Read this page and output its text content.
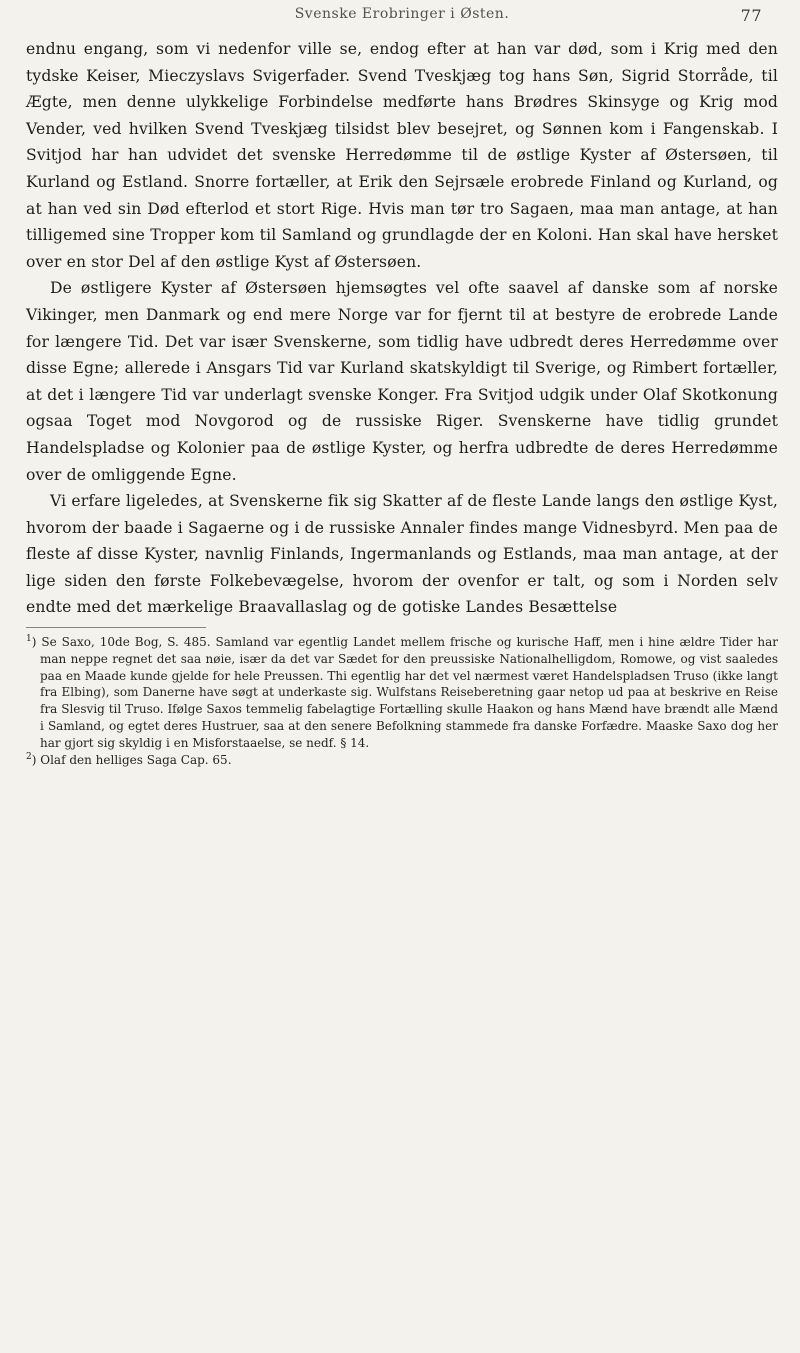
Svenske Erobringer i Østen.	77

endnu engang, som vi nedenfor ville se, endog efter at han var død, som i Krig med den tydske Keiser, Mieczyslavs Svigerfader. Svend Tveskjæg tog hans Søn, Sigrid Storråde, til Ægte, men denne ulykkelige Forbindelse medførte hans Brødres Skinsyge og Krig mod Vender, ved hvilken Svend Tveskjæg tilsidst blev besejret, og Sønnen kom i Fangenskab. I Svitjod har han udvidet det svenske Herredømme til de østlige Kyster af Østersøen, til Kurland og Estland. Snorre fortæller, at Erik den Sejrsæle erobrede Finland og Kurland, og at han ved sin Død efterlod et stort Rige. Hvis man tør tro Sagaen, maa man antage, at han tilligemed sine Tropper kom til Samland og grundlagde der en Koloni. Han skal have hersket over en stor Del af den østlige Kyst af Østersøen.

De østligere Kyster af Østersøen hjemsøgtes vel ofte saavel af danske som af norske Vikinger, men Danmark og end mere Norge var for fjernt til at bestyre de erobrede Lande for længere Tid. Det var især Svenskerne, som tidlig have udbredt deres Herredømme over disse Egne; allerede i Ansgars Tid var Kurland skatskyldigt til Sverige, og Rimbert fortæller, at det i længere Tid var underlagt svenske Konger. Fra Svitjod udgik under Olaf Skotkonung ogsaa Toget mod Novgorod og de russiske Riger. Svenskerne have tidlig grundet Handelspladse og Kolonier paa de østlige Kyster, og herfra udbredte de deres Herredømme over de omliggende Egne.

Vi erfare ligeledes, at Svenskerne fik sig Skatter af de fleste Lande langs den østlige Kyst, hvorom der baade i Sagaerne og i de russiske Annaler findes mange Vidnesbyrd. Men paa de fleste af disse Kyster, navnlig Finlands, Ingermanlands og Estlands, maa man antage, at der lige siden den første Folkebevægelse, hvorom der ovenfor er talt, og som i Norden selv endte med det mærkelige Braavallaslag og de gotiske Landes Besættelse

$^1$) Se Saxo, 10de Bog, S. 485. Samland var egentlig Landet mellem frische og kurische Haff, men i hine ældre Tider har man neppe regnet det saa nøie, især da det var Sædet for den preussiske Nationalhelligdom, Romowe, og vist saaledes paa en Maade kunde gjelde for hele Preussen. Thi egentlig har det vel nærmest været Handelspladsen Truso (ikke langt fra Elbing), som Danerne have søgt at underkaste sig. Wulfstans Reiseberetning gaar netop ud paa at beskrive en Reise fra Slesvig til Truso. Ifølge Saxos temmelig fabelagtige Fortælling skulle Haakon og hans Mænd have brændt alle Mænd i Samland, og egtet deres Hustruer, saa at den senere Befolkning stammede fra danske Forfædre. Maaske Saxo dog her har gjort sig skyldig i en Misforstaaelse, se nedf. § 14.

$^2$) Olaf den helliges Saga Cap. 65.
